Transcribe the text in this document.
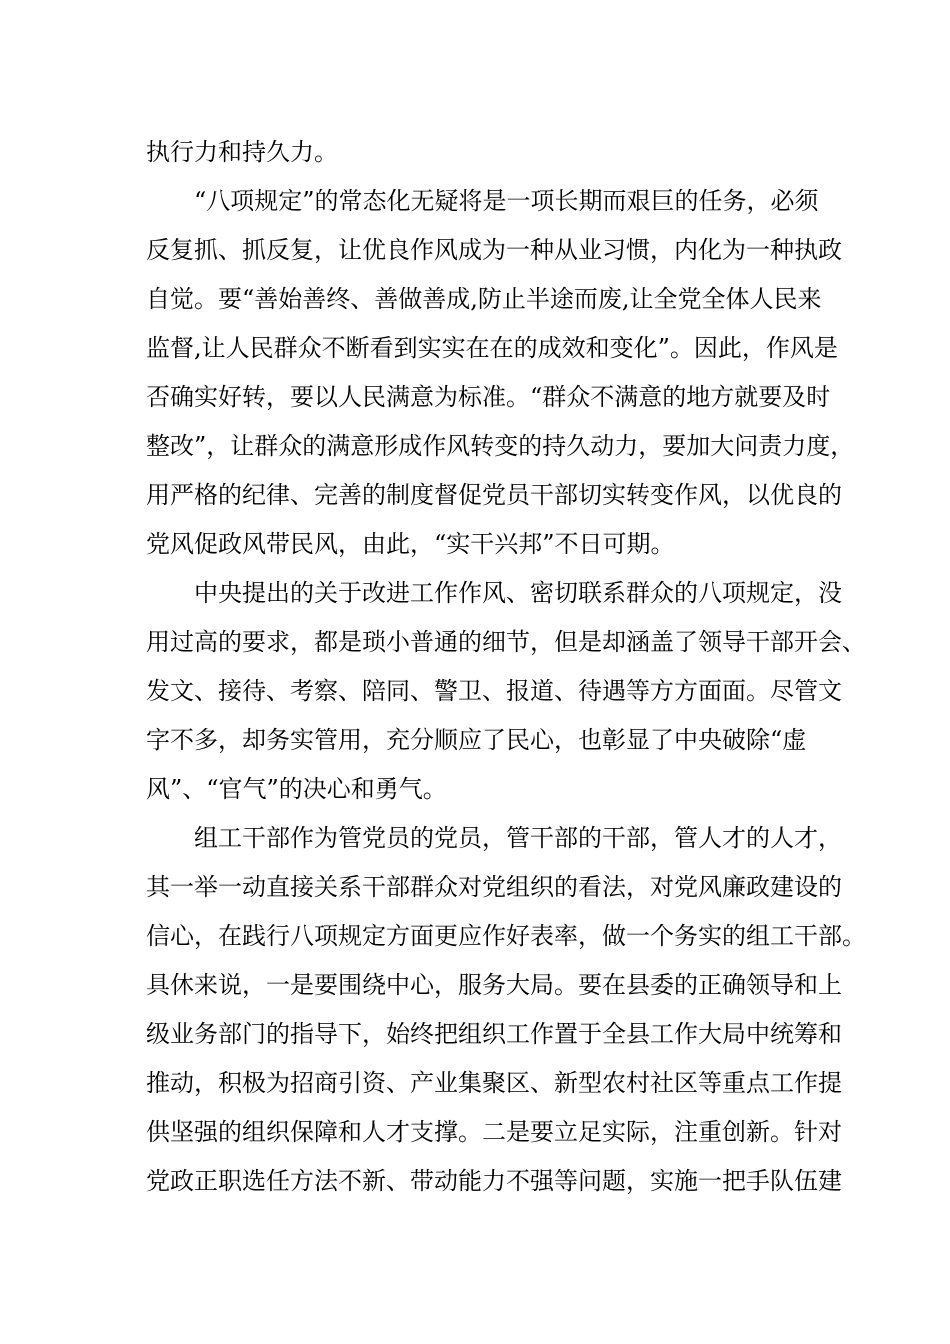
执行力和持久力。
“八项规定”的常态化无疑将是一项长期而艰巨的任务，必须
反复抓、抓反复，让优良作风成为一种从业习惯，内化为一种执政
自觉。要“善始善终、善做善成,防止半途而废,让全党全体人民来
监督,让人民群众不断看到实实在在的成效和变化”。因此，作风是
否确实好转，要以人民满意为标准。“群众不满意的地方就要及时
整改”，让群众的满意形成作风转变的持久动力，要加大问责力度，
用严格的纪律、完善的制度督促党员干部切实转变作风，以优良的
党风促政风带民风，由此，“实干兴邦”不日可期。
中央提出的关于改进工作作风、密切联系群众的八项规定，没
用过高的要求，都是琐小普通的细节，但是却涵盖了领导干部开会、
发文、接待、考察、陪同、警卫、报道、待遇等方方面面。尽管文
字不多，却务实管用，充分顺应了民心，也彰显了中央破除“虚
风”、“官气”的决心和勇气。
组工干部作为管党员的党员，管干部的干部，管人才的人才，
其一举一动直接关系干部群众对党组织的看法，对党风廉政建设的
信心，在践行八项规定方面更应作好表率，做一个务实的组工干部。
具休来说，一是要围绕中心，服务大局。要在县委的正确领导和上
级业务部门的指导下，始终把组织工作置于全县工作大局中统筹和
推动，积极为招商引资、产业集聚区、新型农村社区等重点工作提
供坚强的组织保障和人才支撑。二是要立足实际，注重创新。针对
党政正职选任方法不新、带动能力不强等问题，实施一把手队伍建
